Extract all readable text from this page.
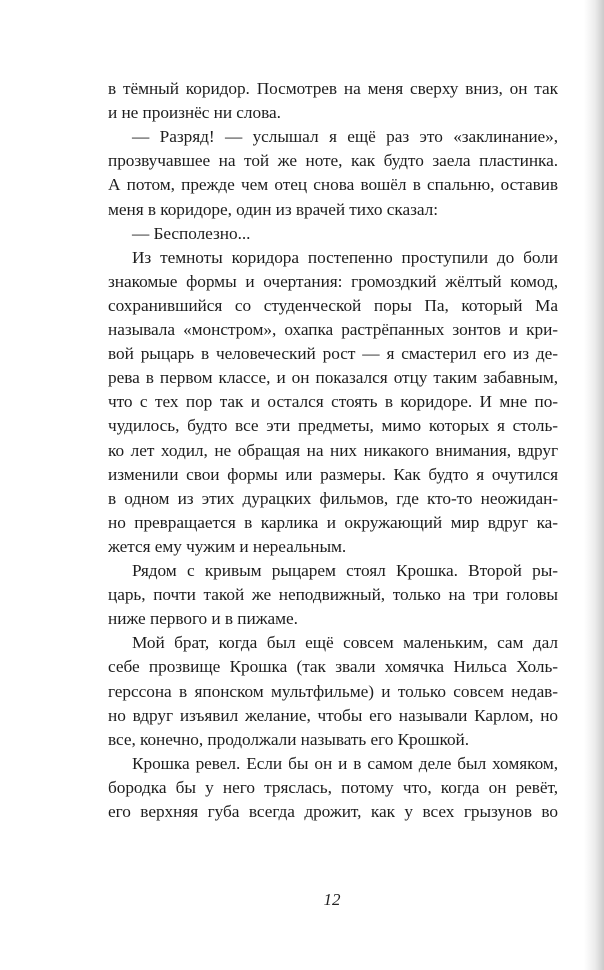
в тёмный коридор. Посмотрев на меня сверху вниз, он так
и не произнёс ни слова.
— Разряд! — услышал я ещё раз это «заклинание»,
прозвучавшее на той же ноте, как будто заела пластинка.
А потом, прежде чем отец снова вошёл в спальню, оставив
меня в коридоре, один из врачей тихо сказал:
— Бесполезно...
Из темноты коридора постепенно проступили до боли
знакомые формы и очертания: громоздкий жёлтый комод,
сохранившийся со студенческой поры Па, который Ма
называла «монстром», охапка растрёпанных зонтов и кри-
вой рыцарь в человеческий рост — я смастерил его из де-
рева в первом классе, и он показался отцу таким забавным,
что с тех пор так и остался стоять в коридоре. И мне по-
чудилось, будто все эти предметы, мимо которых я столь-
ко лет ходил, не обращая на них никакого внимания, вдруг
изменили свои формы или размеры. Как будто я очутился
в одном из этих дурацких фильмов, где кто-то неожидан-
но превращается в карлика и окружающий мир вдруг ка-
жется ему чужим и нереальным.
Рядом с кривым рыцарем стоял Крошка. Второй ры-
царь, почти такой же неподвижный, только на три головы
ниже первого и в пижаме.
Мой брат, когда был ещё совсем маленьким, сам дал
себе прозвище Крошка (так звали хомячка Нильса Холь-
герссона в японском мультфильме) и только совсем недав-
но вдруг изъявил желание, чтобы его называли Карлом, но
все, конечно, продолжали называть его Крошкой.
Крошка ревел. Если бы он и в самом деле был хомяком,
бородка бы у него тряслась, потому что, когда он ревёт,
его верхняя губа всегда дрожит, как у всех грызунов во
12
